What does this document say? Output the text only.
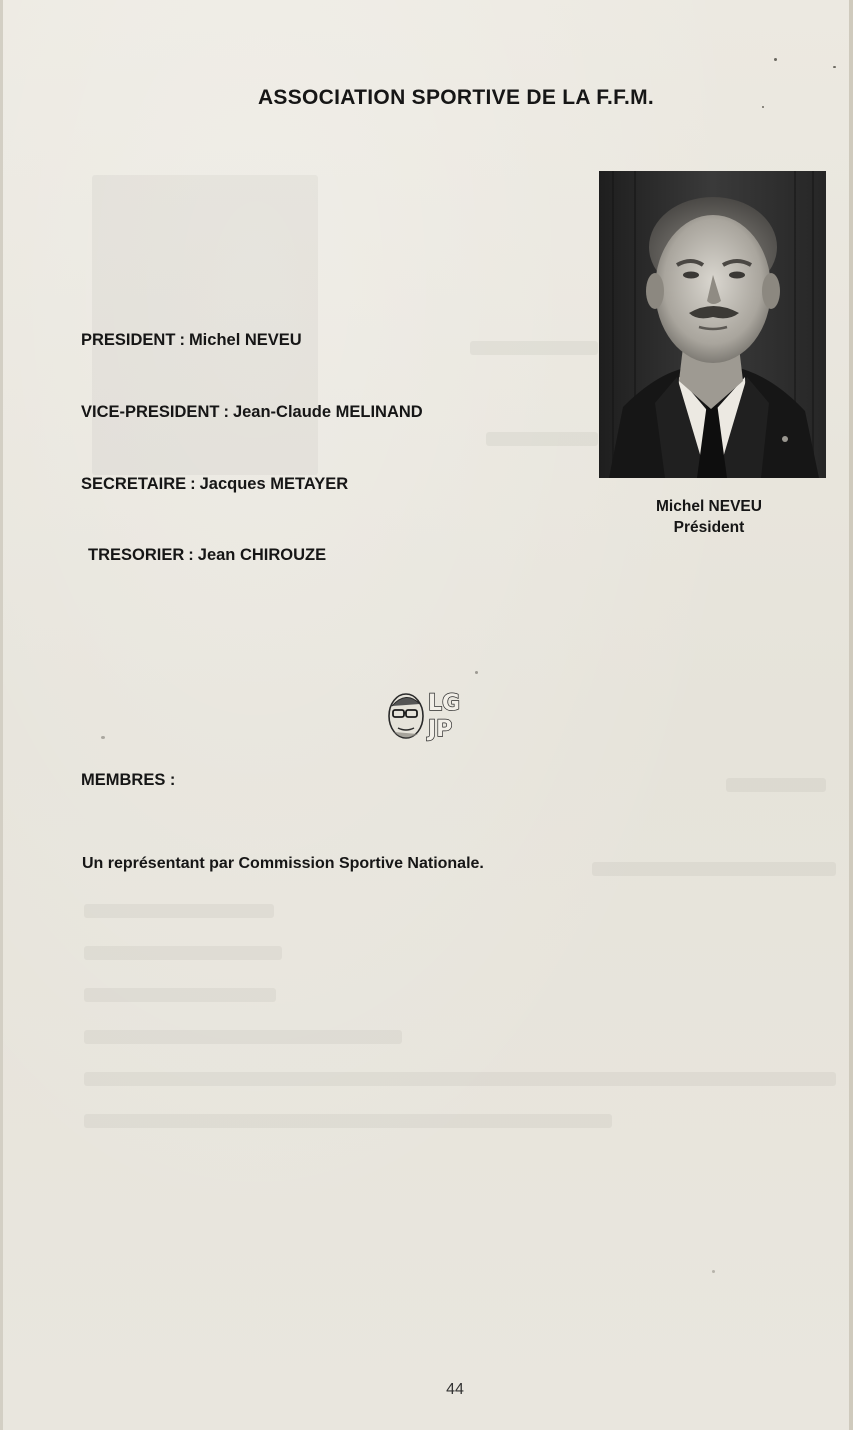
ASSOCIATION SPORTIVE DE LA F.F.M.
PRESIDENT : Michel NEVEU
VICE-PRESIDENT : Jean-Claude MELINAND
SECRETAIRE : Jacques METAYER
TRESORIER : Jean CHIROUZE
Michel NEVEU
Président
LG
JP
MEMBRES :
Un représentant par Commission Sportive Nationale.
44
